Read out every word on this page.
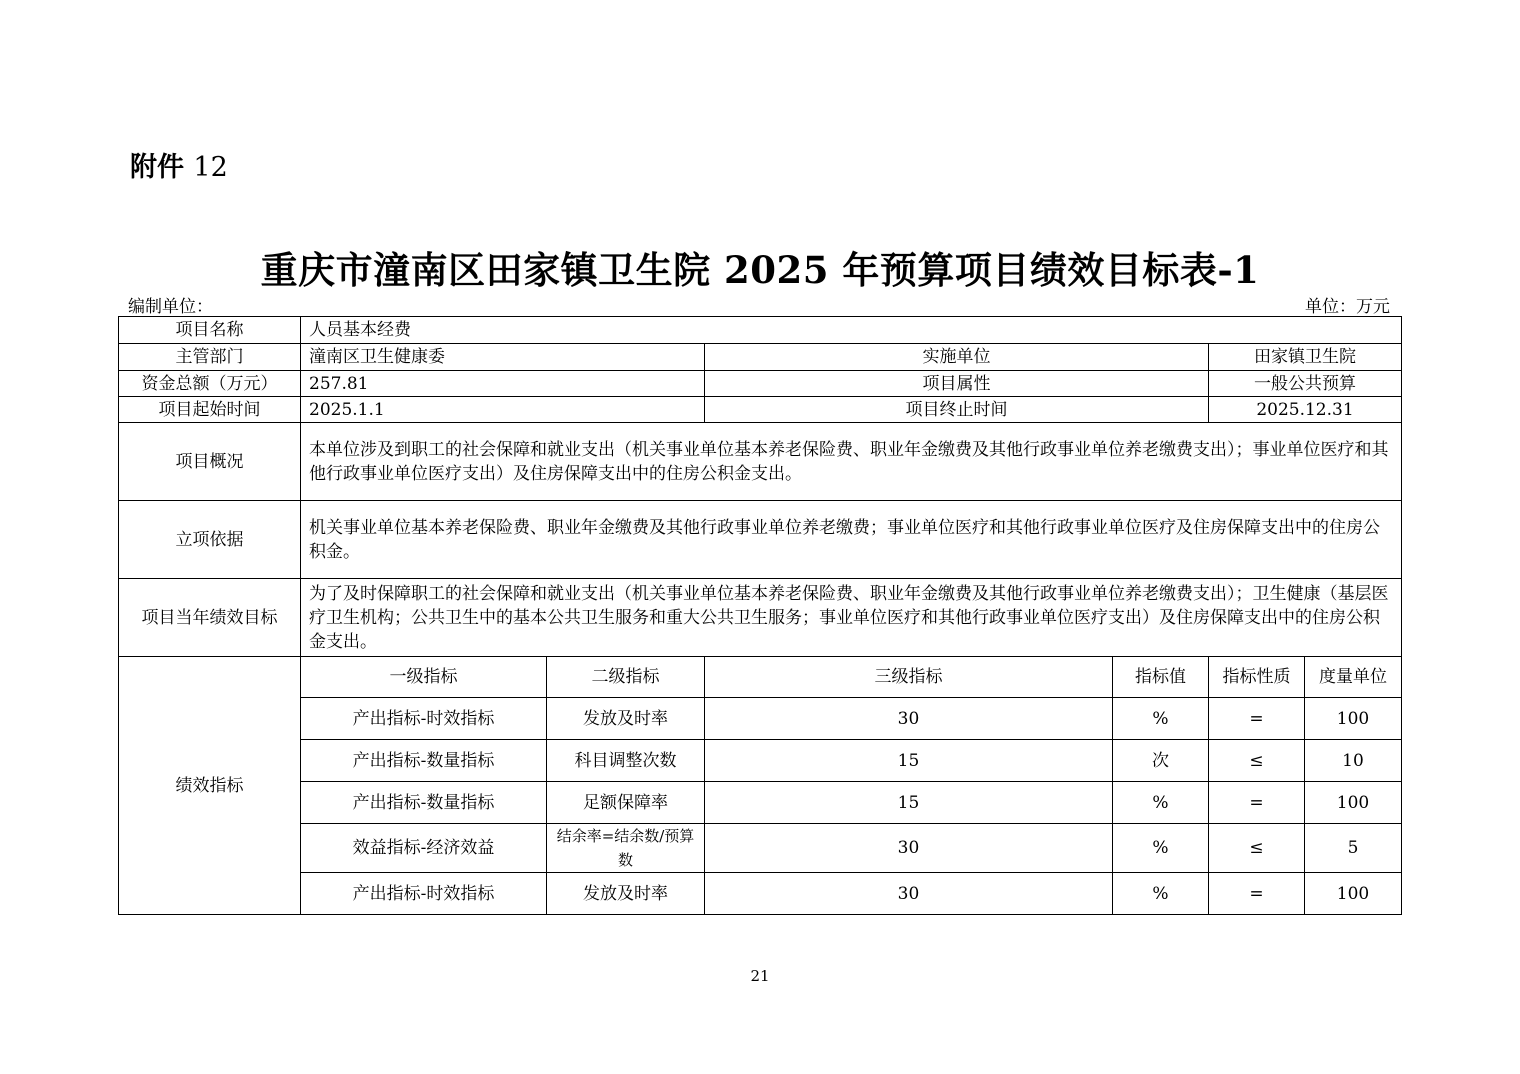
附件 12
重庆市潼南区田家镇卫生院 2025 年预算项目绩效目标表-1
编制单位：	单位：万元
项目名称	人员基本经费					
主管部门	潼南区卫生健康委		实施单位		田家镇卫生院	
资金总额（万元）	257.81		项目属性		一般公共预算	
项目起始时间	2025.1.1		项目终止时间		2025.12.31	
项目概况	本单位涉及到职工的社会保障和就业支出（机关事业单位基本养老保险费、职业年金缴费及其他行政事业单位养老缴费支出）；事业单位医疗和其他行政事业单位医疗支出）及住房保障支出中的住房公积金支出。					
立项依据	机关事业单位基本养老保险费、职业年金缴费及其他行政事业单位养老缴费；事业单位医疗和其他行政事业单位医疗及住房保障支出中的住房公积金。					
项目当年绩效目标	为了及时保障职工的社会保障和就业支出（机关事业单位基本养老保险费、职业年金缴费及其他行政事业单位养老缴费支出）；卫生健康（基层医疗卫生机构；公共卫生中的基本公共卫生服务和重大公共卫生服务；事业单位医疗和其他行政事业单位医疗支出）及住房保障支出中的住房公积金支出。					
绩效指标	一级指标	二级指标	三级指标	指标值	指标性质	度量单位
	产出指标-时效指标	发放及时率	30	%	=	100
	产出指标-数量指标	科目调整次数	15	次	≤	10
	产出指标-数量指标	足额保障率	15	%	=	100
	效益指标-经济效益	结余率=结余数/预算数	30	%	≤	5
	产出指标-时效指标	发放及时率	30	%	=	100
21
